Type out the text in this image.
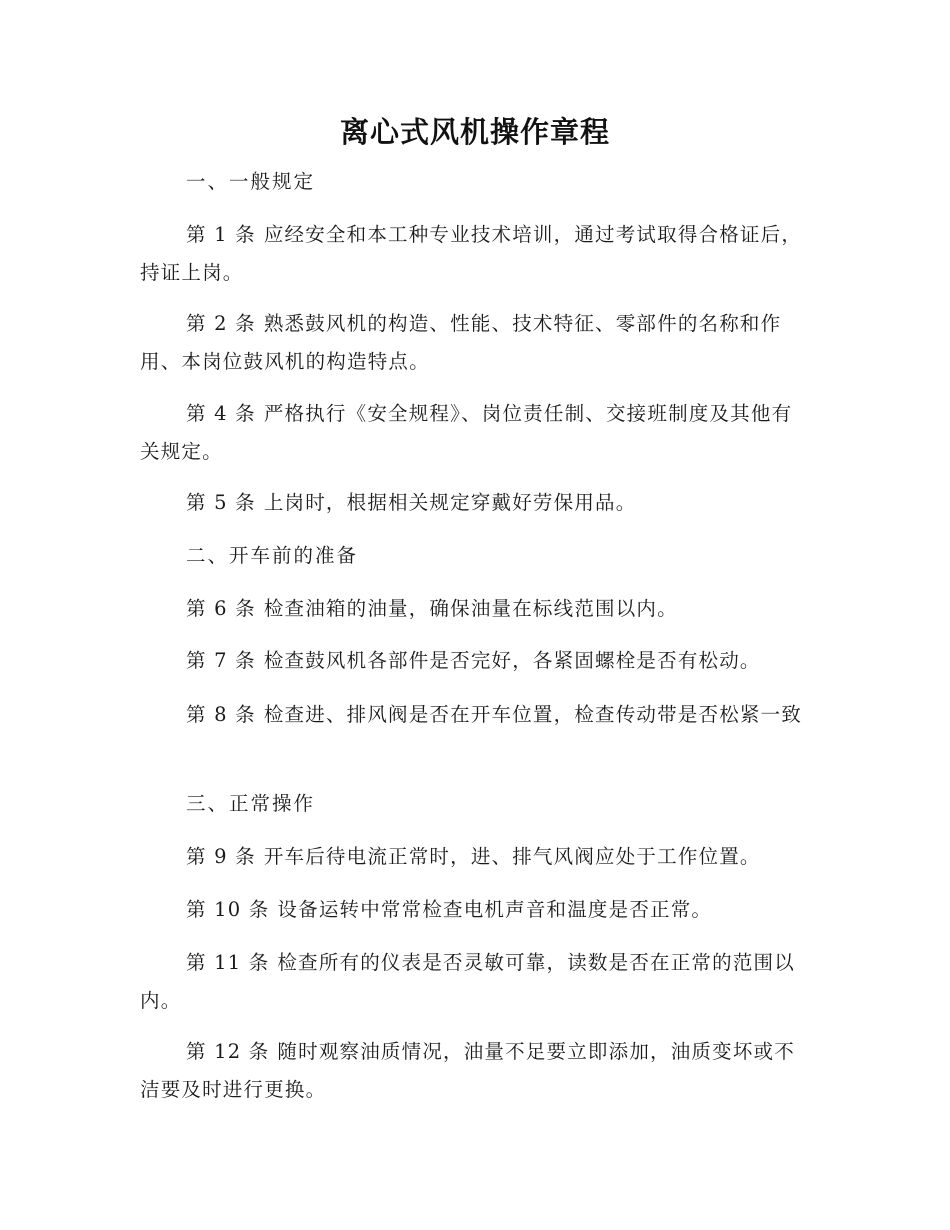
离心式风机操作章程

一、一般规定

第 1 条 应经安全和本工种专业技术培训，通过考试取得合格证后，持证上岗。

第 2 条 熟悉鼓风机的构造、性能、技术特征、零部件的名称和作用、本岗位鼓风机的构造特点。

第 4 条 严格执行《安全规程》、岗位责任制、交接班制度及其他有关规定。

第 5 条 上岗时，根据相关规定穿戴好劳保用品。

二、开车前的准备

第 6 条 检查油箱的油量，确保油量在标线范围以内。

第 7 条 检查鼓风机各部件是否完好，各紧固螺栓是否有松动。

第 8 条 检查进、排风阀是否在开车位置，检查传动带是否松紧一致

三、正常操作

第 9 条 开车后待电流正常时，进、排气风阀应处于工作位置。

第 10 条 设备运转中常常检查电机声音和温度是否正常。

第 11 条 检查所有的仪表是否灵敏可靠，读数是否在正常的范围以内。

第 12 条 随时观察油质情况，油量不足要立即添加，油质变坏或不洁要及时进行更换。
